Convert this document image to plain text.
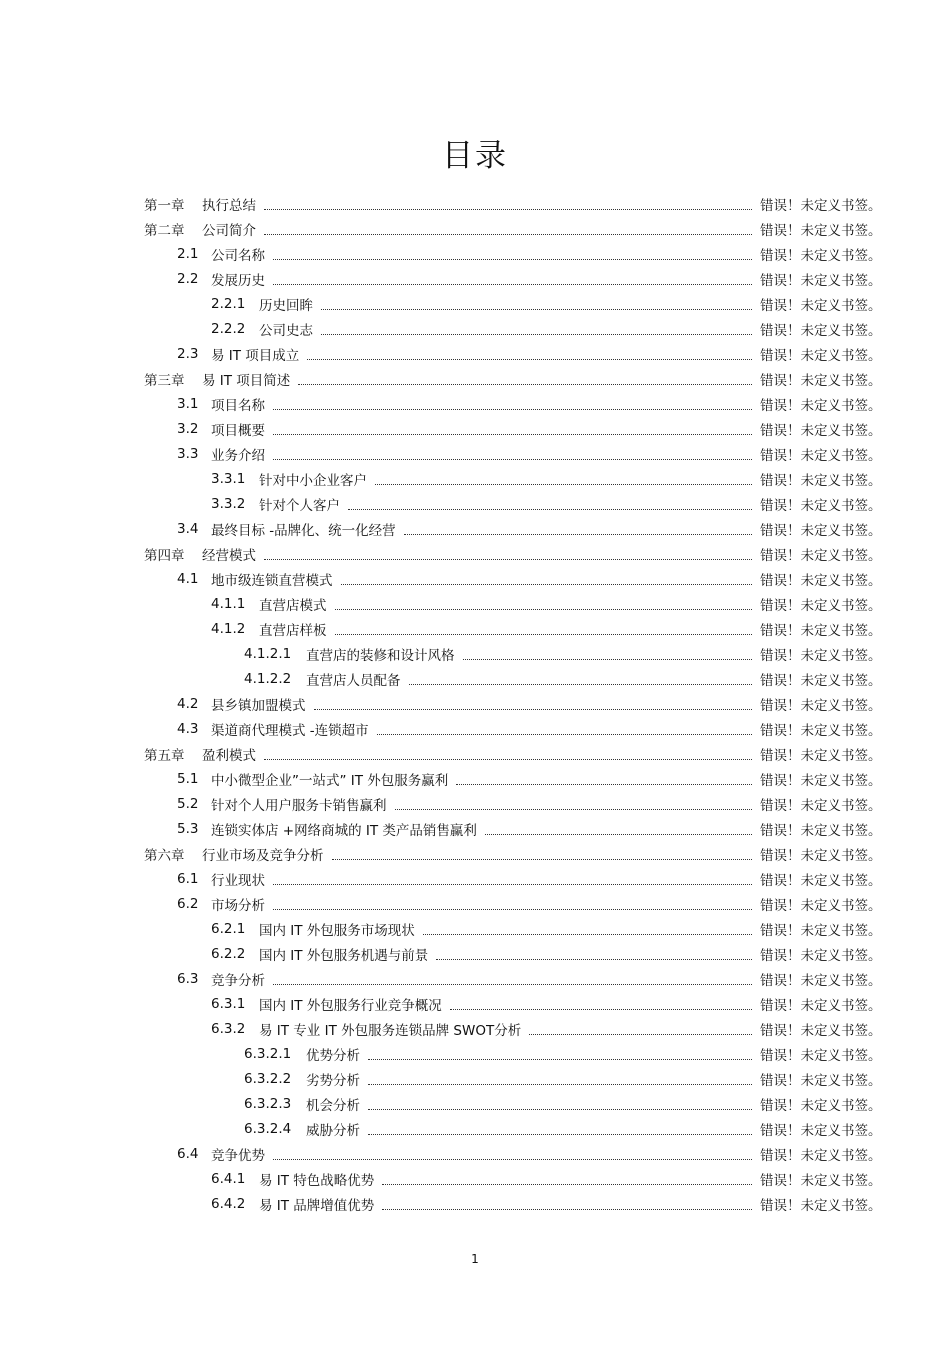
目录
第一章 执行总结	错误！未定义书签。
第二章 公司简介	错误！未定义书签。
2.1 公司名称	错误！未定义书签。
2.2 发展历史	错误！未定义书签。
2.2.1 历史回眸	错误！未定义书签。
2.2.2 公司史志	错误！未定义书签。
2.3 易 IT 项目成立	错误！未定义书签。
第三章 易 IT 项目简述	错误！未定义书签。
3.1 项目名称	错误！未定义书签。
3.2 项目概要	错误！未定义书签。
3.3 业务介绍	错误！未定义书签。
3.3.1 针对中小企业客户	错误！未定义书签。
3.3.2 针对个人客户	错误！未定义书签。
3.4 最终目标 -品牌化、统一化经营	错误！未定义书签。
第四章 经营模式	错误！未定义书签。
4.1 地市级连锁直营模式	错误！未定义书签。
4.1.1 直营店模式	错误！未定义书签。
4.1.2 直营店样板	错误！未定义书签。
4.1.2.1 直营店的装修和设计风格	错误！未定义书签。
4.1.2.2 直营店人员配备	错误！未定义书签。
4.2 县乡镇加盟模式	错误！未定义书签。
4.3 渠道商代理模式 -连锁超市	错误！未定义书签。
第五章 盈利模式	错误！未定义书签。
5.1 中小微型企业”一站式” IT 外包服务赢利	错误！未定义书签。
5.2 针对个人用户服务卡销售赢利	错误！未定义书签。
5.3 连锁实体店 +网络商城的 IT 类产品销售赢利	错误！未定义书签。
第六章 行业市场及竞争分析	错误！未定义书签。
6.1 行业现状	错误！未定义书签。
6.2 市场分析	错误！未定义书签。
6.2.1 国内 IT 外包服务市场现状	错误！未定义书签。
6.2.2 国内 IT 外包服务机遇与前景	错误！未定义书签。
6.3 竞争分析	错误！未定义书签。
6.3.1 国内 IT 外包服务行业竞争概况	错误！未定义书签。
6.3.2 易 IT 专业 IT 外包服务连锁品牌 SWOT分析	错误！未定义书签。
6.3.2.1 优势分析	错误！未定义书签。
6.3.2.2 劣势分析	错误！未定义书签。
6.3.2.3 机会分析	错误！未定义书签。
6.3.2.4 威胁分析	错误！未定义书签。
6.4 竞争优势	错误！未定义书签。
6.4.1 易 IT 特色战略优势	错误！未定义书签。
6.4.2 易 IT 品牌增值优势	错误！未定义书签。
1
